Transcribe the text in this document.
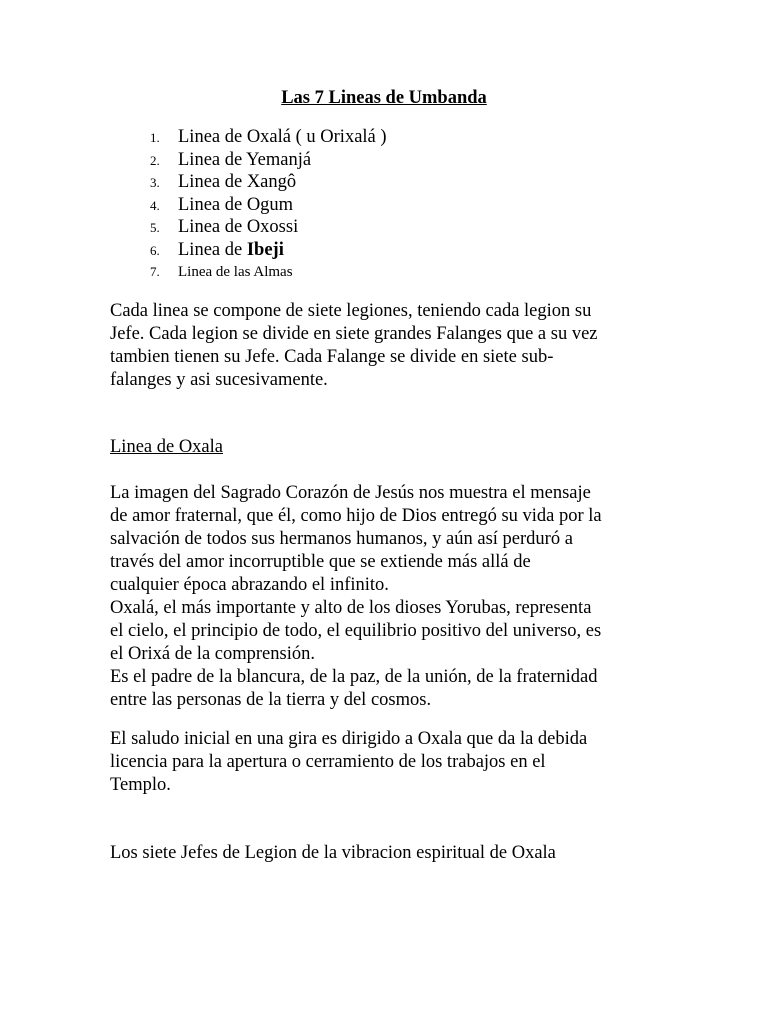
Las 7 Lineas de Umbanda
1. Linea de Oxalá ( u Orixalá )
2. Linea de Yemanjá
3. Linea de Xangô
4. Linea de Ogum
5. Linea de Oxossi
6. Linea de Ibeji
7. Linea de las Almas

Cada linea se compone de siete legiones, teniendo cada legion su
Jefe. Cada legion se divide en siete grandes Falanges que a su vez
tambien tienen su Jefe. Cada Falange se divide en siete sub-
falanges y asi sucesivamente.

Linea de Oxala

La imagen del Sagrado Corazón de Jesús nos muestra el mensaje
de amor fraternal, que él, como hijo de Dios entregó su vida por la
salvación de todos sus hermanos humanos, y aún así perduró a
través del amor incorruptible que se extiende más allá de
cualquier época abrazando el infinito.
Oxalá, el más importante y alto de los dioses Yorubas, representa
el cielo, el principio de todo, el equilibrio positivo del universo, es
el Orixá de la comprensión.
Es el padre de la blancura, de la paz, de la unión, de la fraternidad
entre las personas de la tierra y del cosmos.

El saludo inicial en una gira es dirigido a Oxala que da la debida
licencia para la apertura o cerramiento de los trabajos en el
Templo.

Los siete Jefes de Legion de la vibracion espiritual de Oxala
